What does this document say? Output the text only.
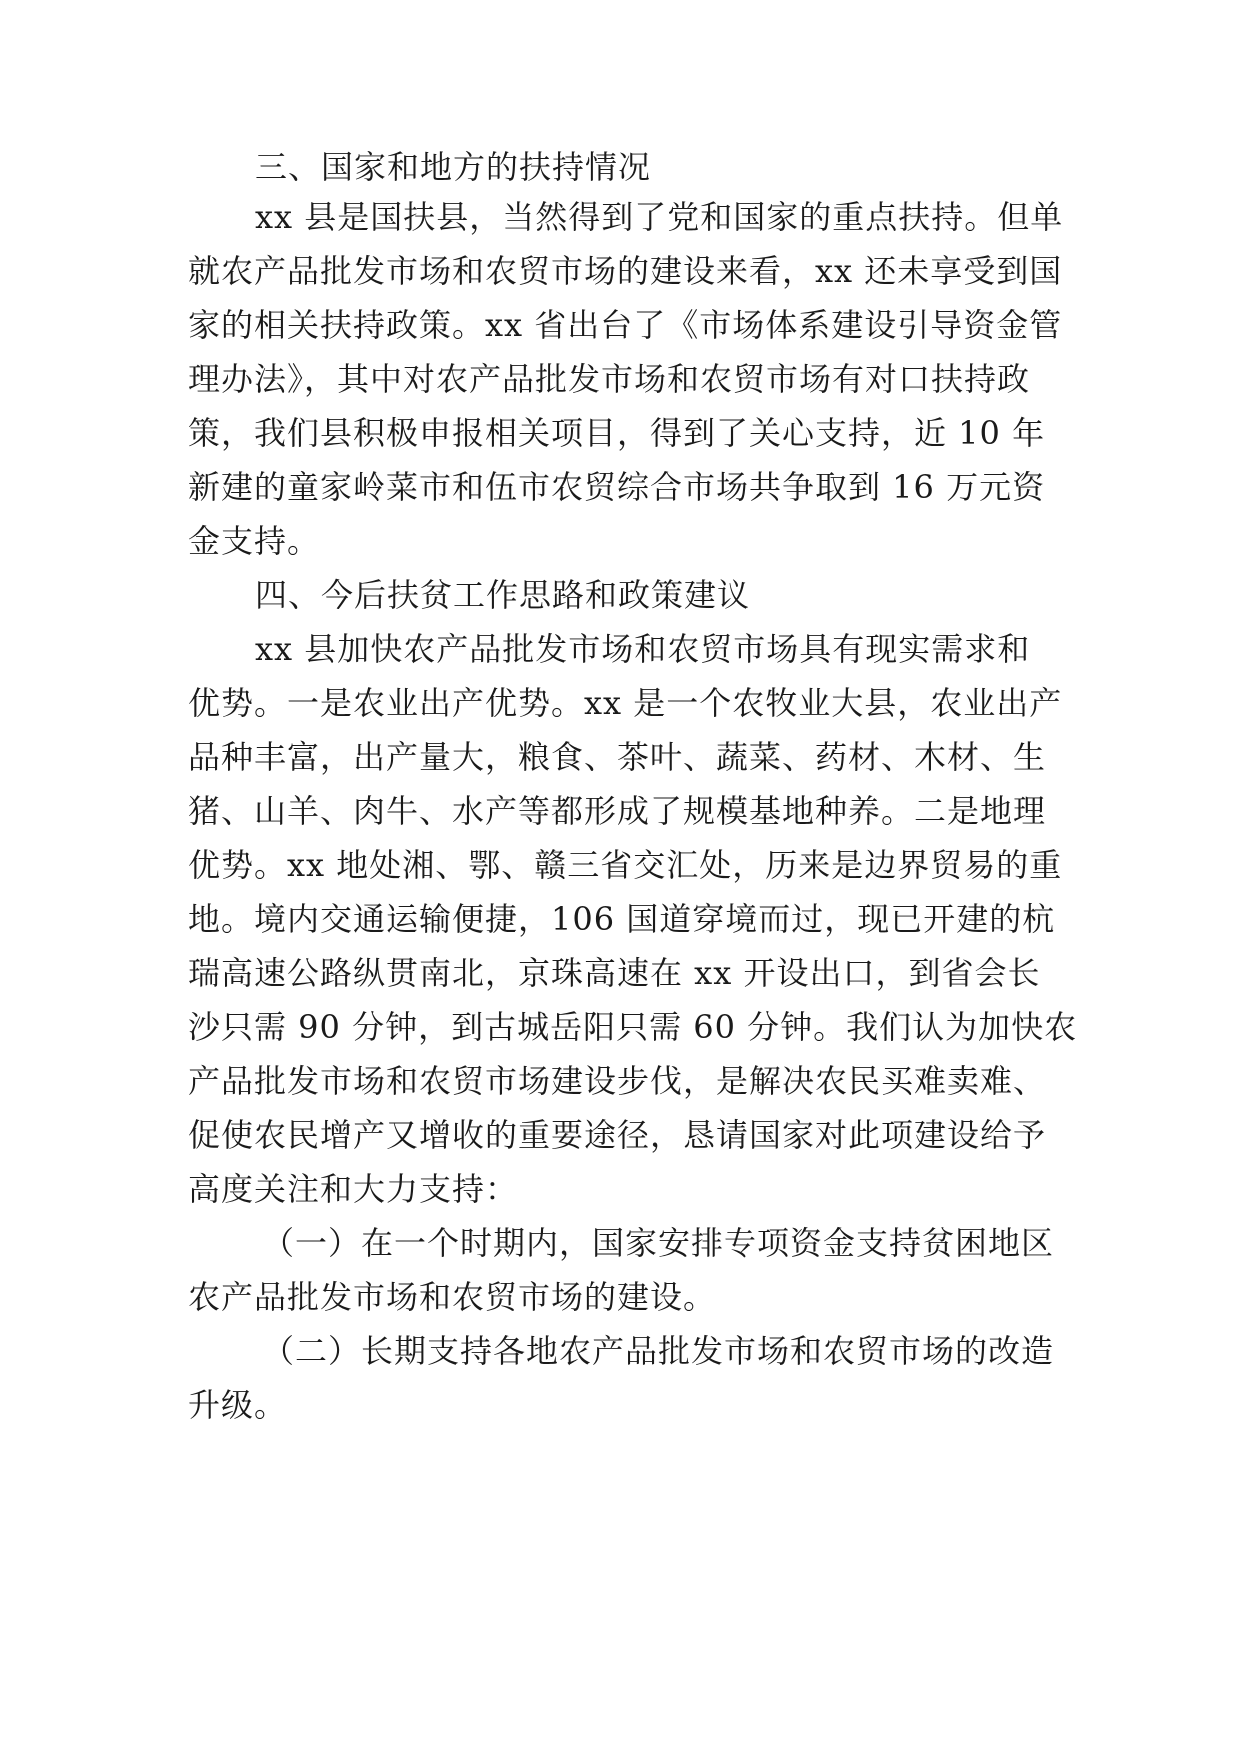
三、国家和地方的扶持情况
xx 县是国扶县，当然得到了党和国家的重点扶持。但单
就农产品批发市场和农贸市场的建设来看，xx 还未享受到国
家的相关扶持政策。xx 省出台了《市场体系建设引导资金管
理办法》，其中对农产品批发市场和农贸市场有对口扶持政
策，我们县积极申报相关项目，得到了关心支持，近 10 年
新建的童家岭菜市和伍市农贸综合市场共争取到 16 万元资
金支持。
四、今后扶贫工作思路和政策建议
xx 县加快农产品批发市场和农贸市场具有现实需求和
优势。一是农业出产优势。xx 是一个农牧业大县，农业出产
品种丰富，出产量大，粮食、茶叶、蔬菜、药材、木材、生
猪、山羊、肉牛、水产等都形成了规模基地种养。二是地理
优势。xx 地处湘、鄂、赣三省交汇处，历来是边界贸易的重
地。境内交通运输便捷，106 国道穿境而过，现已开建的杭
瑞高速公路纵贯南北，京珠高速在 xx 开设出口，到省会长
沙只需 90 分钟，到古城岳阳只需 60 分钟。我们认为加快农
产品批发市场和农贸市场建设步伐，是解决农民买难卖难、
促使农民增产又增收的重要途径，恳请国家对此项建设给予
高度关注和大力支持：
（一）在一个时期内，国家安排专项资金支持贫困地区
农产品批发市场和农贸市场的建设。
（二）长期支持各地农产品批发市场和农贸市场的改造
升级。
